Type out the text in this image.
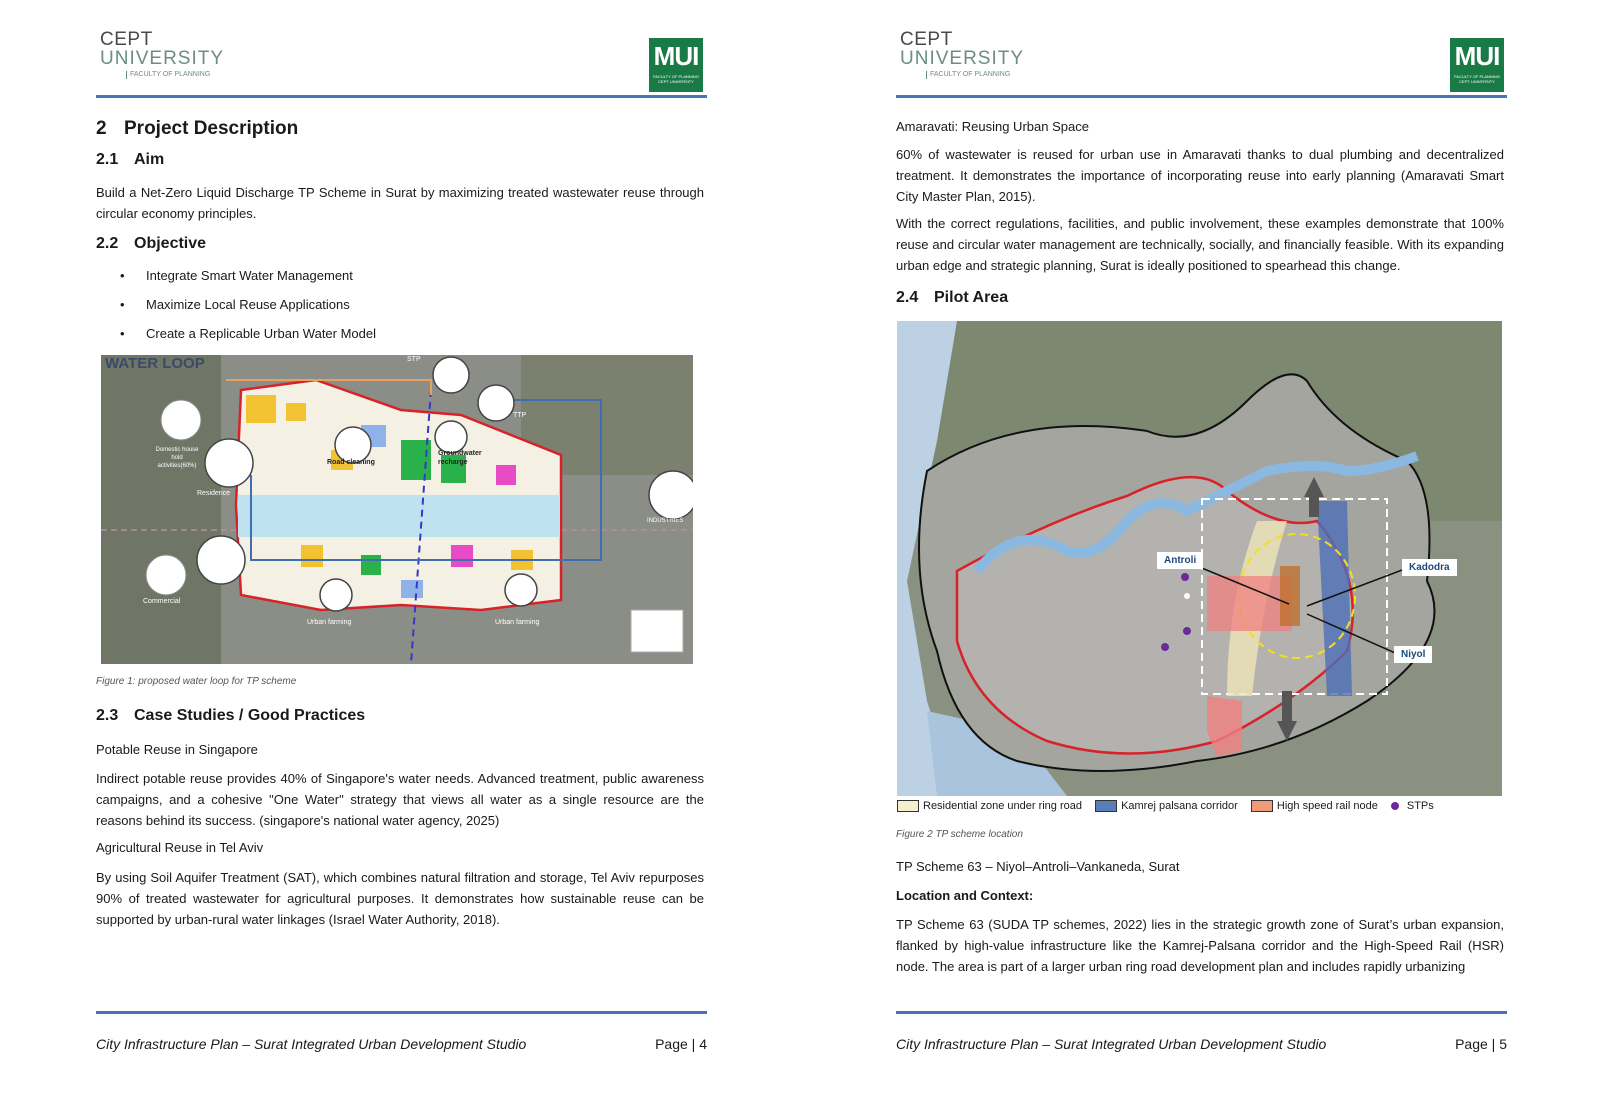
CEPT
UNIVERSITY
FACULTY OF PLANNING
MUI
FACULTY OF PLANNING CEPT UNIVERSITY
2 Project Description
2.1 Aim
Build a Net-Zero Liquid Discharge TP Scheme in Surat by maximizing treated wastewater reuse through circular economy principles.
2.2 Objective
• Integrate Smart Water Management
• Maximize Local Reuse Applications
• Create a Replicable Urban Water Model
WATER LOOP	STP
TTP
Domestic house hold activities(60%)
Residence
Road cleaning
Groundwater recharge
INDUSTRIES
Commercial
Urban farming	Urban farming
Figure 1: proposed water loop for TP scheme
2.3 Case Studies / Good Practices
Potable Reuse in Singapore
Indirect potable reuse provides 40% of Singapore's water needs. Advanced treatment, public awareness campaigns, and a cohesive "One Water" strategy that views all water as a single resource are the reasons behind its success. (singapore's national water agency, 2025)
Agricultural Reuse in Tel Aviv
By using Soil Aquifer Treatment (SAT), which combines natural filtration and storage, Tel Aviv repurposes 90% of treated wastewater for agricultural purposes. It demonstrates how sustainable reuse can be supported by urban-rural water linkages (Israel Water Authority, 2018).
City Infrastructure Plan – Surat Integrated Urban Development Studio	Page | 4
CEPT
UNIVERSITY
FACULTY OF PLANNING
MUI
FACULTY OF PLANNING CEPT UNIVERSITY
Amaravati: Reusing Urban Space
60% of wastewater is reused for urban use in Amaravati thanks to dual plumbing and decentralized treatment. It demonstrates the importance of incorporating reuse into early planning (Amaravati Smart City Master Plan, 2015).
With the correct regulations, facilities, and public involvement, these examples demonstrate that 100% reuse and circular water management are technically, socially, and financially feasible. With its expanding urban edge and strategic planning, Surat is ideally positioned to spearhead this change.
2.4 Pilot Area
Antroli
Kadodra
Niyol
Residential zone under ring road	Kamrej palsana corridor	High speed rail node	STPs
Figure 2 TP scheme location
TP Scheme 63 – Niyol–Antroli–Vankaneda, Surat
Location and Context:
TP Scheme 63 (SUDA TP schemes, 2022) lies in the strategic growth zone of Surat’s urban expansion, flanked by high-value infrastructure like the Kamrej-Palsana corridor and the High-Speed Rail (HSR) node. The area is part of a larger urban ring road development plan and includes rapidly urbanizing
City Infrastructure Plan – Surat Integrated Urban Development Studio	Page | 5
